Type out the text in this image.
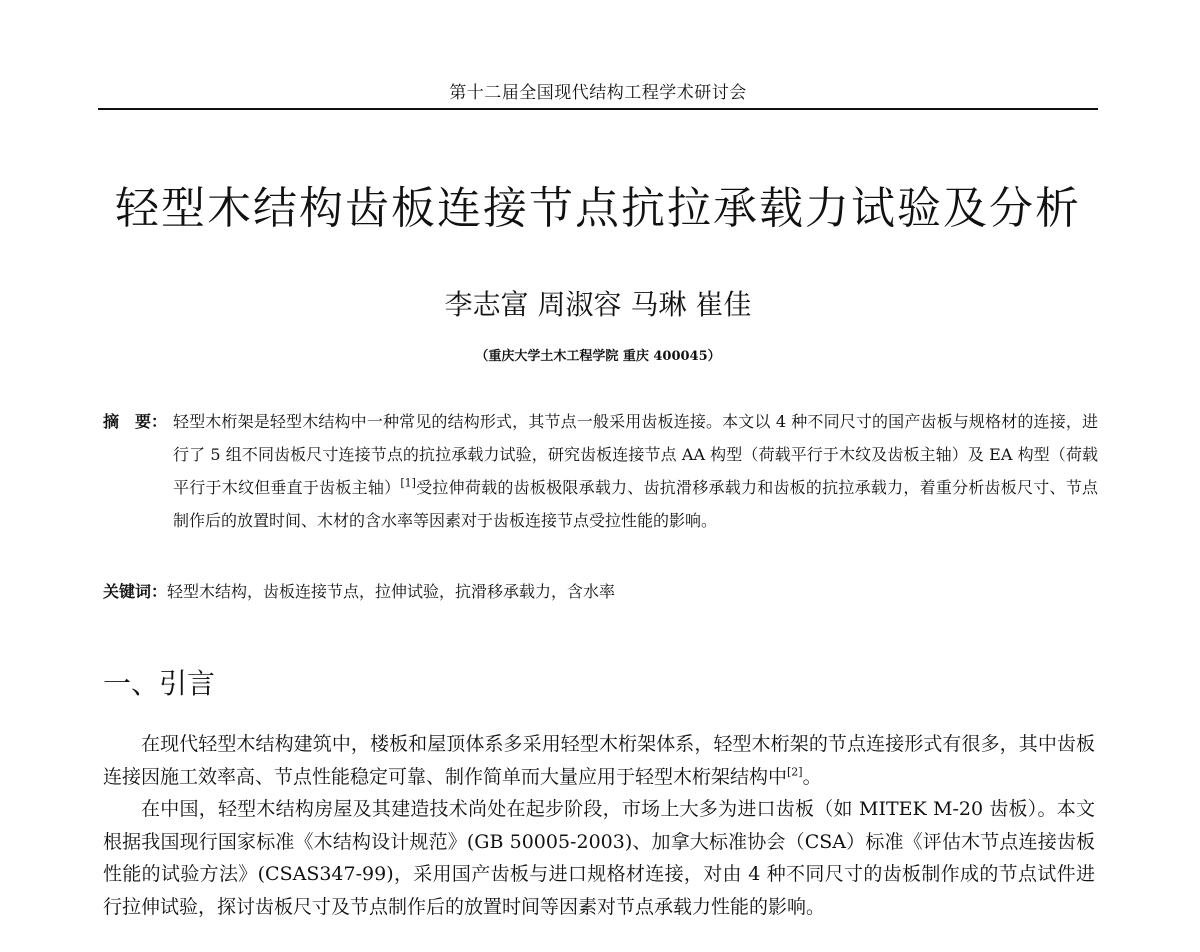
第十二届全国现代结构工程学术研讨会
轻型木结构齿板连接节点抗拉承载力试验及分析
李志富 周淑容 马琳 崔佳
（重庆大学土木工程学院 重庆 400045）
摘　要： 轻型木桁架是轻型木结构中一种常见的结构形式，其节点一般采用齿板连接。本文以 4 种不同尺寸的国产齿板与规格材的连接，进行了 5 组不同齿板尺寸连接节点的抗拉承载力试验，研究齿板连接节点 AA 构型（荷载平行于木纹及齿板主轴）及 EA 构型（荷载平行于木纹但垂直于齿板主轴）[1]受拉伸荷载的齿板极限承载力、齿抗滑移承载力和齿板的抗拉承载力，着重分析齿板尺寸、节点制作后的放置时间、木材的含水率等因素对于齿板连接节点受拉性能的影响。
关键词：轻型木结构，齿板连接节点，拉伸试验，抗滑移承载力，含水率
一、引言

在现代轻型木结构建筑中，楼板和屋顶体系多采用轻型木桁架体系，轻型木桁架的节点连接形式有很多，其中齿板连接因施工效率高、节点性能稳定可靠、制作简单而大量应用于轻型木桁架结构中[2]。

在中国，轻型木结构房屋及其建造技术尚处在起步阶段，市场上大多为进口齿板（如 MITEK M-20 齿板）。本文根据我国现行国家标准《木结构设计规范》(GB 50005-2003)、加拿大标准协会（CSA）标准《评估木节点连接齿板性能的试验方法》(CSAS347-99)，采用国产齿板与进口规格材连接，对由 4 种不同尺寸的齿板制作成的节点试件进行拉伸试验，探讨齿板尺寸及节点制作后的放置时间等因素对节点承载力性能的影响。
